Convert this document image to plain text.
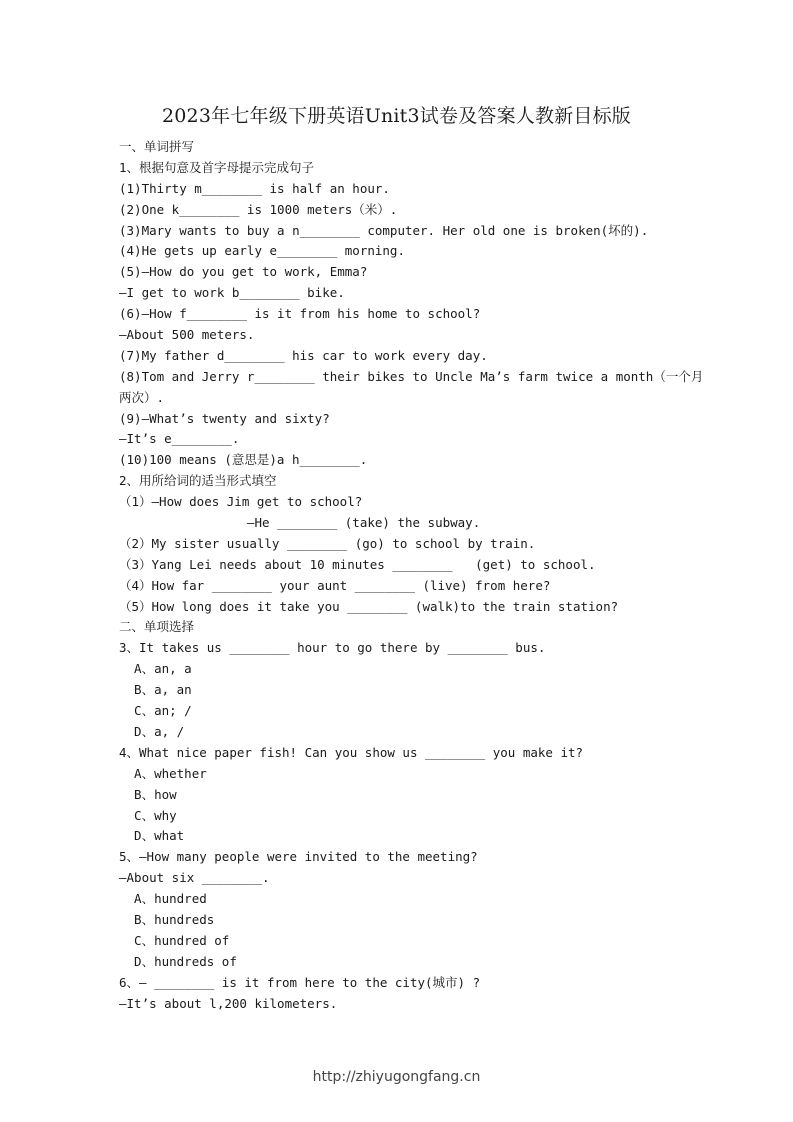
2023年七年级下册英语Unit3试卷及答案人教新目标版
一、单词拼写
1、根据句意及首字母提示完成句子
(1)Thirty m________ is half an hour.
(2)One k________ is 1000 meters（米）.
(3)Mary wants to buy a n________ computer. Her old one is broken(坏的).
(4)He gets up early e________ morning.
(5)—How do you get to work, Emma?
—I get to work b________ bike.
(6)—How f________ is it from his home to school?
—About 500 meters.
(7)My father d________ his car to work every day.
(8)Tom and Jerry r________ their bikes to Uncle Ma’s farm twice a month（一个月
两次）.
(9)—What’s twenty and sixty?
—It’s e________.
(10)100 means (意思是)a h________.
2、用所给词的适当形式填空
（1）—How does Jim get to school?
—He ________ (take) the subway.
（2）My sister usually ________ (go) to school by train.
（3）Yang Lei needs about 10 minutes ________   (get) to school.
（4）How far ________ your aunt ________ (live) from here?
（5）How long does it take you ________ (walk)to the train station?
二、单项选择
3、It takes us ________ hour to go there by ________ bus.
A、an, a
B、a, an
C、an; /
D、a, /
4、What nice paper fish! Can you show us ________ you make it?
A、whether
B、how
C、why
D、what
5、—How many people were invited to the meeting?
—About six ________.
A、hundred
B、hundreds
C、hundred of
D、hundreds of
6、— ________ is it from here to the city(城市) ?
—It’s about l,200 kilometers.
http://zhiyugongfang.cn
